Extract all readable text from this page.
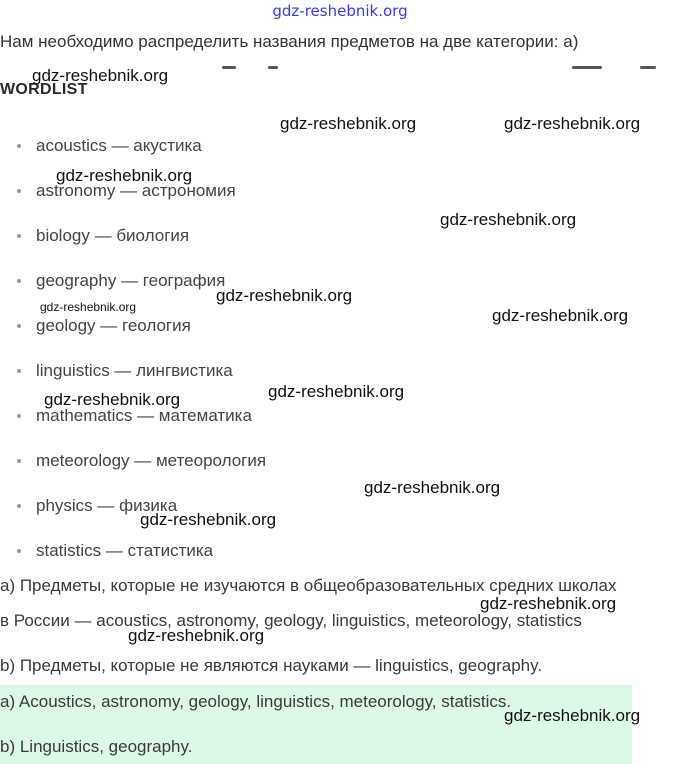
gdz-reshebnik.org
Нам необходимо распределить названия предметов на две категории: а)
WORDLIST
acoustics — акустика
astronomy — астрономия
biology — биология
geography — география
geology — геология
linguistics — лингвистика
mathematics — математика
meteorology — метеорология
physics — физика
statistics — статистика
a) Предметы, которые не изучаются в общеобразовательных средних школах
в России — acoustics, astronomy, geology, linguistics, meteorology, statistics
b) Предметы, которые не являются науками — linguistics, geography.
a) Acoustics, astronomy, geology, linguistics, meteorology, statistics.
b) Linguistics, geography.
gdz-reshebnik.org
gdz-reshebnik.org	gdz-reshebnik.org
gdz-reshebnik.org
gdz-reshebnik.org
gdz-reshebnik.org
gdz-reshebnik.org	gdz-reshebnik.org
gdz-reshebnik.org
gdz-reshebnik.org
gdz-reshebnik.org
gdz-reshebnik.org
gdz-reshebnik.org
gdz-reshebnik.org
gdz-reshebnik.org
